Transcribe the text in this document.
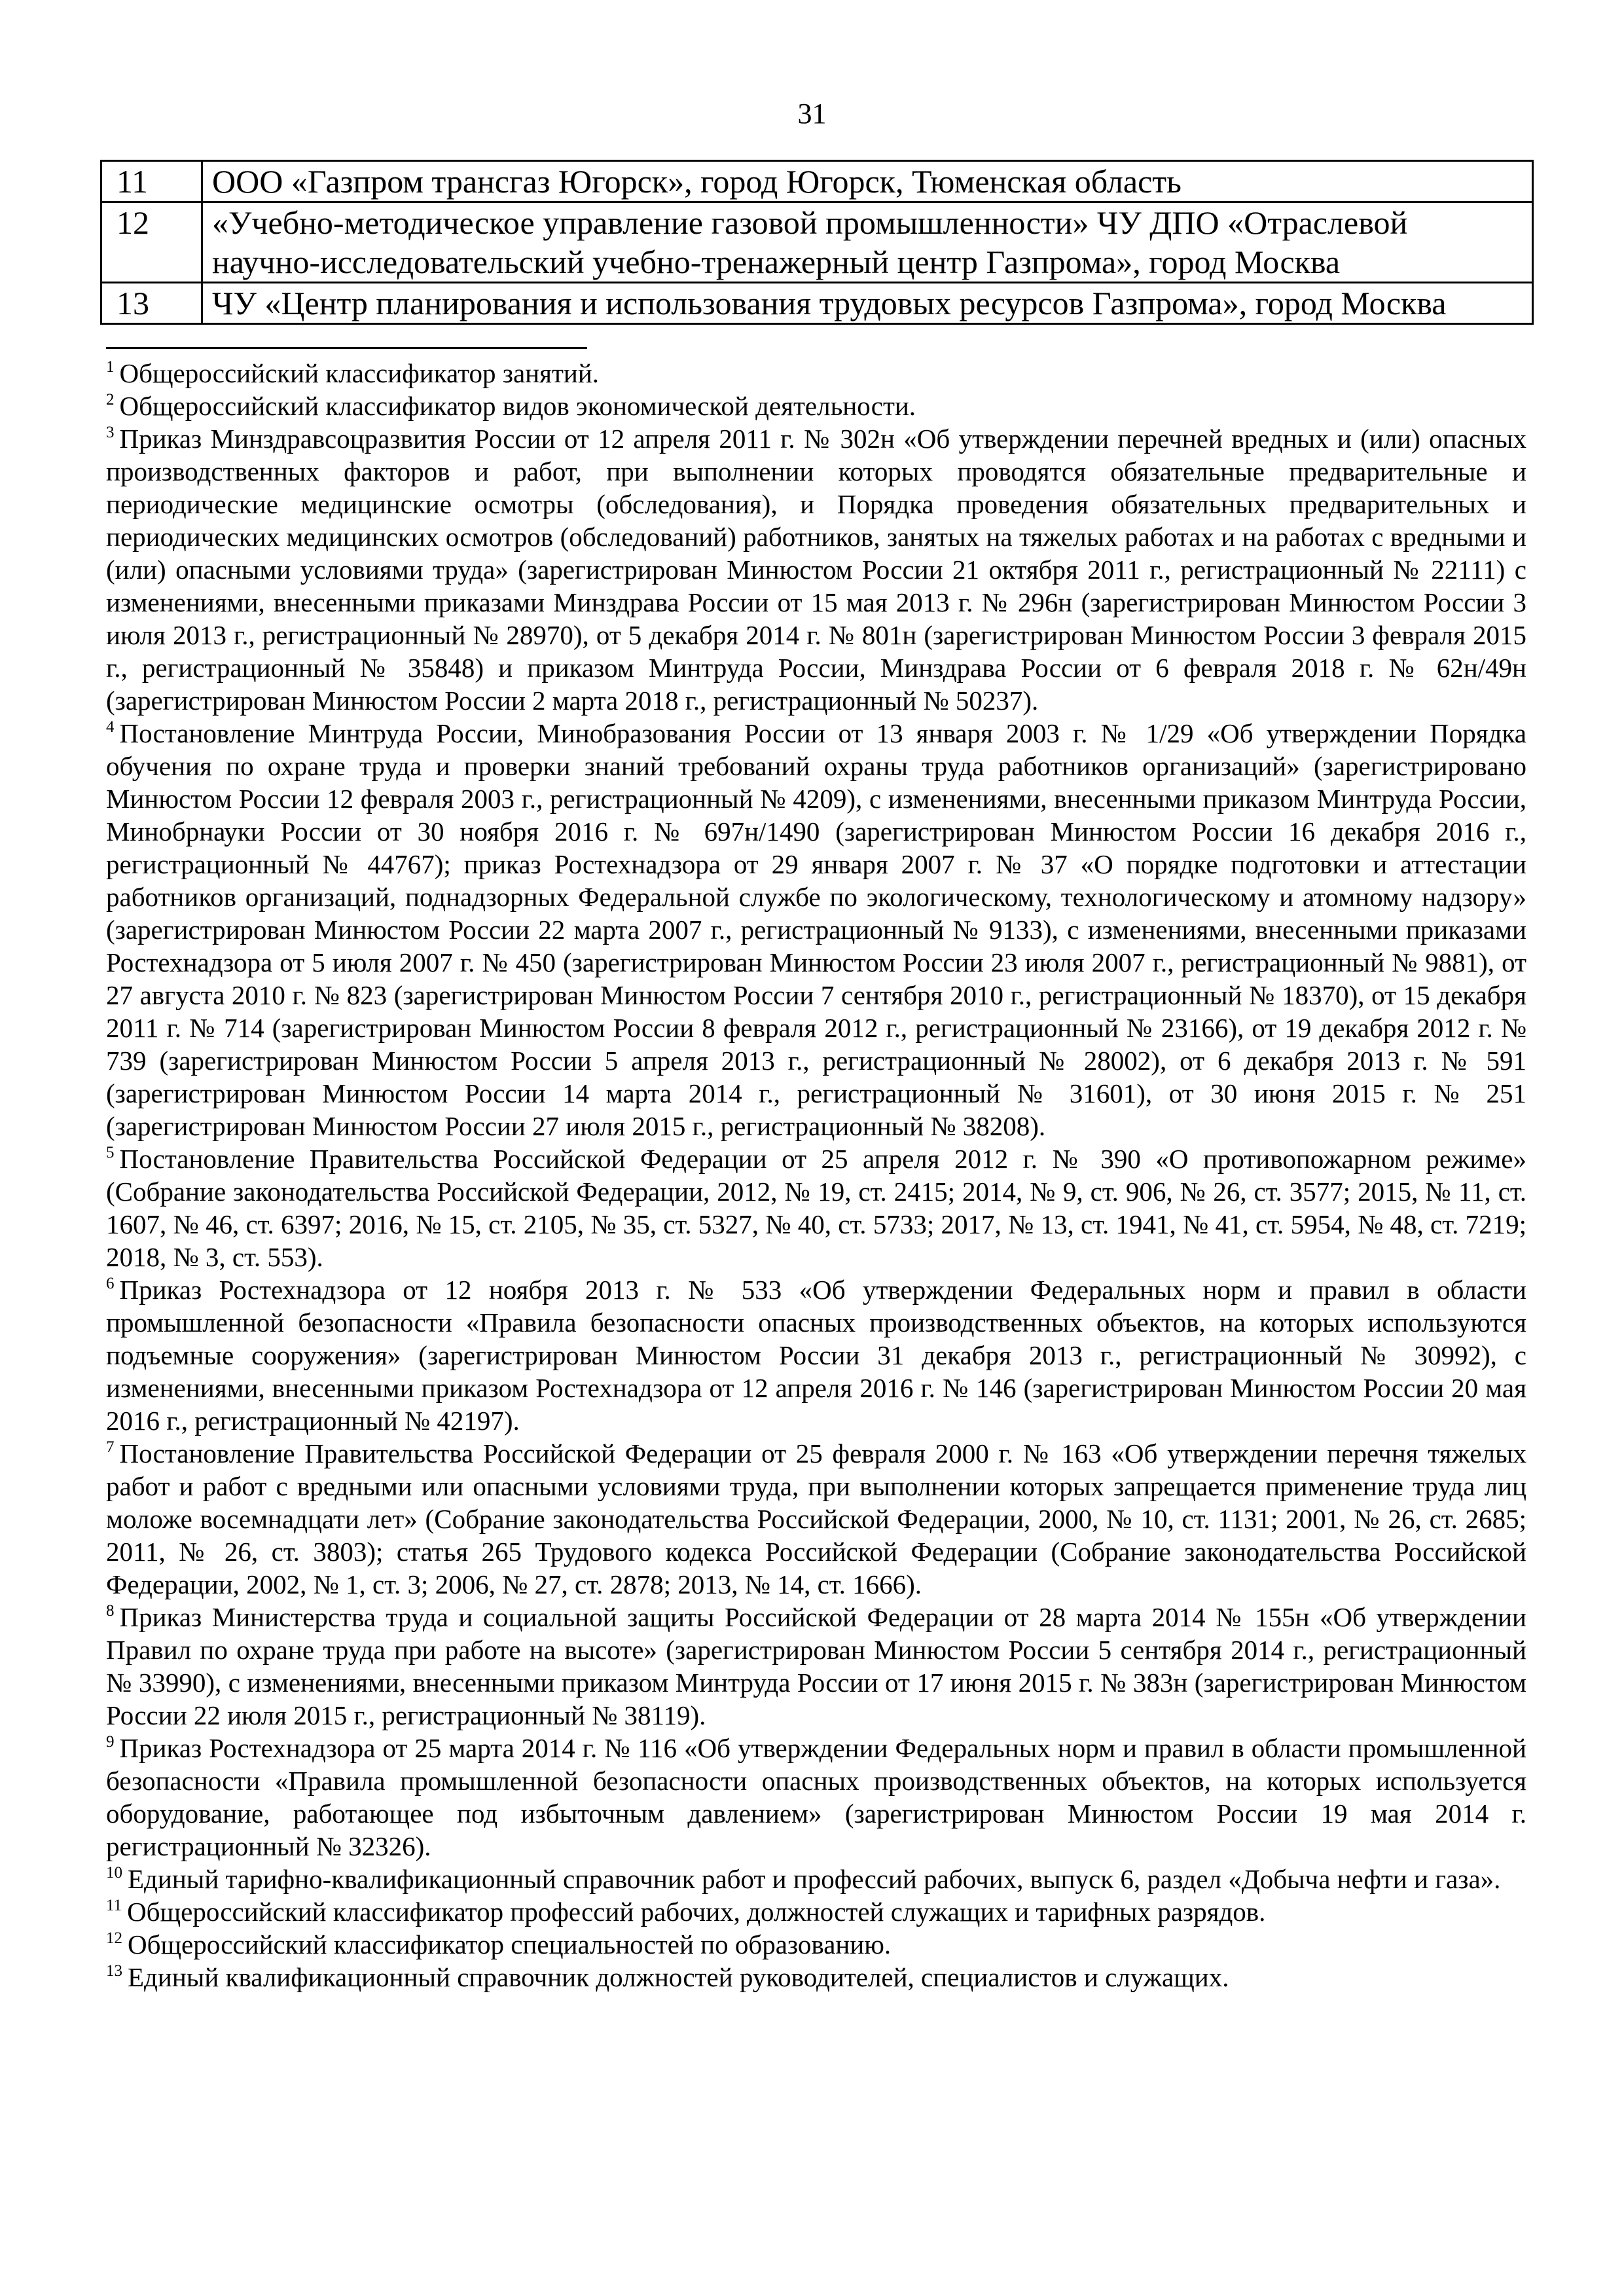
31
11	ООО «Газпром трансгаз Югорск», город Югорск, Тюменская область
12	«Учебно-методическое управление газовой промышленности» ЧУ ДПО «Отраслевой научно-исследовательский учебно-тренажерный центр Газпрома», город Москва
13	ЧУ «Центр планирования и использования трудовых ресурсов Газпрома», город Москва

$^1$ Общероссийский классификатор занятий.

$^2$ Общероссийский классификатор видов экономической деятельности.

$^3$ Приказ Минздравсоцразвития России от 12 апреля 2011 г. № 302н «Об утверждении перечней вредных и (или) опасных производственных факторов и работ, при выполнении которых проводятся обязательные предварительные и периодические медицинские осмотры (обследования), и Порядка проведения обязательных предварительных и периодических медицинских осмотров (обследований) работников, занятых на тяжелых работах и на работах с вредными и (или) опасными условиями труда» (зарегистрирован Минюстом России 21 октября 2011 г., регистрационный № 22111) с изменениями, внесенными приказами Минздрава России от 15 мая 2013 г. № 296н (зарегистрирован Минюстом России 3 июля 2013 г., регистрационный № 28970), от 5 декабря 2014 г. № 801н (зарегистрирован Минюстом России 3 февраля 2015 г., регистрационный № 35848) и приказом Минтруда России, Минздрава России от 6 февраля 2018 г. № 62н/49н (зарегистрирован Минюстом России 2 марта 2018 г., регистрационный № 50237).

$^4$ Постановление Минтруда России, Минобразования России от 13 января 2003 г. № 1/29 «Об утверждении Порядка обучения по охране труда и проверки знаний требований охраны труда работников организаций» (зарегистрировано Минюстом России 12 февраля 2003 г., регистрационный № 4209), с изменениями, внесенными приказом Минтруда России, Минобрнауки России от 30 ноября 2016 г. № 697н/1490 (зарегистрирован Минюстом России 16 декабря 2016 г., регистрационный № 44767); приказ Ростехнадзора от 29 января 2007 г. № 37 «О порядке подготовки и аттестации работников организаций, поднадзорных Федеральной службе по экологическому, технологическому и атомному надзору» (зарегистрирован Минюстом России 22 марта 2007 г., регистрационный № 9133), с изменениями, внесенными приказами Ростехнадзора от 5 июля 2007 г. № 450 (зарегистрирован Минюстом России 23 июля 2007 г., регистрационный № 9881), от 27 августа 2010 г. № 823 (зарегистрирован Минюстом России 7 сентября 2010 г., регистрационный № 18370), от 15 декабря 2011 г. № 714 (зарегистрирован Минюстом России 8 февраля 2012 г., регистрационный № 23166), от 19 декабря 2012 г. № 739 (зарегистрирован Минюстом России 5 апреля 2013 г., регистрационный № 28002), от 6 декабря 2013 г. № 591 (зарегистрирован Минюстом России 14 марта 2014 г., регистрационный № 31601), от 30 июня 2015 г. № 251 (зарегистрирован Минюстом России 27 июля 2015 г., регистрационный № 38208).

$^5$ Постановление Правительства Российской Федерации от 25 апреля 2012 г. № 390 «О противопожарном режиме» (Собрание законодательства Российской Федерации, 2012, № 19, ст. 2415; 2014, № 9, ст. 906, № 26, ст. 3577; 2015, № 11, ст. 1607, № 46, ст. 6397; 2016, № 15, ст. 2105, № 35, ст. 5327, № 40, ст. 5733; 2017, № 13, ст. 1941, № 41, ст. 5954, № 48, ст. 7219; 2018, № 3, ст. 553).

$^6$ Приказ Ростехнадзора от 12 ноября 2013 г. № 533 «Об утверждении Федеральных норм и правил в области промышленной безопасности «Правила безопасности опасных производственных объектов, на которых используются подъемные сооружения» (зарегистрирован Минюстом России 31 декабря 2013 г., регистрационный № 30992), с изменениями, внесенными приказом Ростехнадзора от 12 апреля 2016 г. № 146 (зарегистрирован Минюстом России 20 мая 2016 г., регистрационный № 42197).

$^7$ Постановление Правительства Российской Федерации от 25 февраля 2000 г. № 163 «Об утверждении перечня тяжелых работ и работ с вредными или опасными условиями труда, при выполнении которых запрещается применение труда лиц моложе восемнадцати лет» (Собрание законодательства Российской Федерации, 2000, № 10, ст. 1131; 2001, № 26, ст. 2685; 2011, № 26, ст. 3803); статья 265 Трудового кодекса Российской Федерации (Собрание законодательства Российской Федерации, 2002, № 1, ст. 3; 2006, № 27, ст. 2878; 2013, № 14, ст. 1666).

$^8$ Приказ Министерства труда и социальной защиты Российской Федерации от 28 марта 2014 № 155н «Об утверждении Правил по охране труда при работе на высоте» (зарегистрирован Минюстом России 5 сентября 2014 г., регистрационный № 33990), с изменениями, внесенными приказом Минтруда России от 17 июня 2015 г. № 383н (зарегистрирован Минюстом России 22 июля 2015 г., регистрационный № 38119).

$^9$ Приказ Ростехнадзора от 25 марта 2014 г. № 116 «Об утверждении Федеральных норм и правил в области промышленной безопасности «Правила промышленной безопасности опасных производственных объектов, на которых используется оборудование, работающее под избыточным давлением» (зарегистрирован Минюстом России 19 мая 2014 г. регистрационный № 32326).

$^{10}$ Единый тарифно-квалификационный справочник работ и профессий рабочих, выпуск 6, раздел «Добыча нефти и газа».

$^{11}$ Общероссийский классификатор профессий рабочих, должностей служащих и тарифных разрядов.

$^{12}$ Общероссийский классификатор специальностей по образованию.

$^{13}$ Единый квалификационный справочник должностей руководителей, специалистов и служащих.
